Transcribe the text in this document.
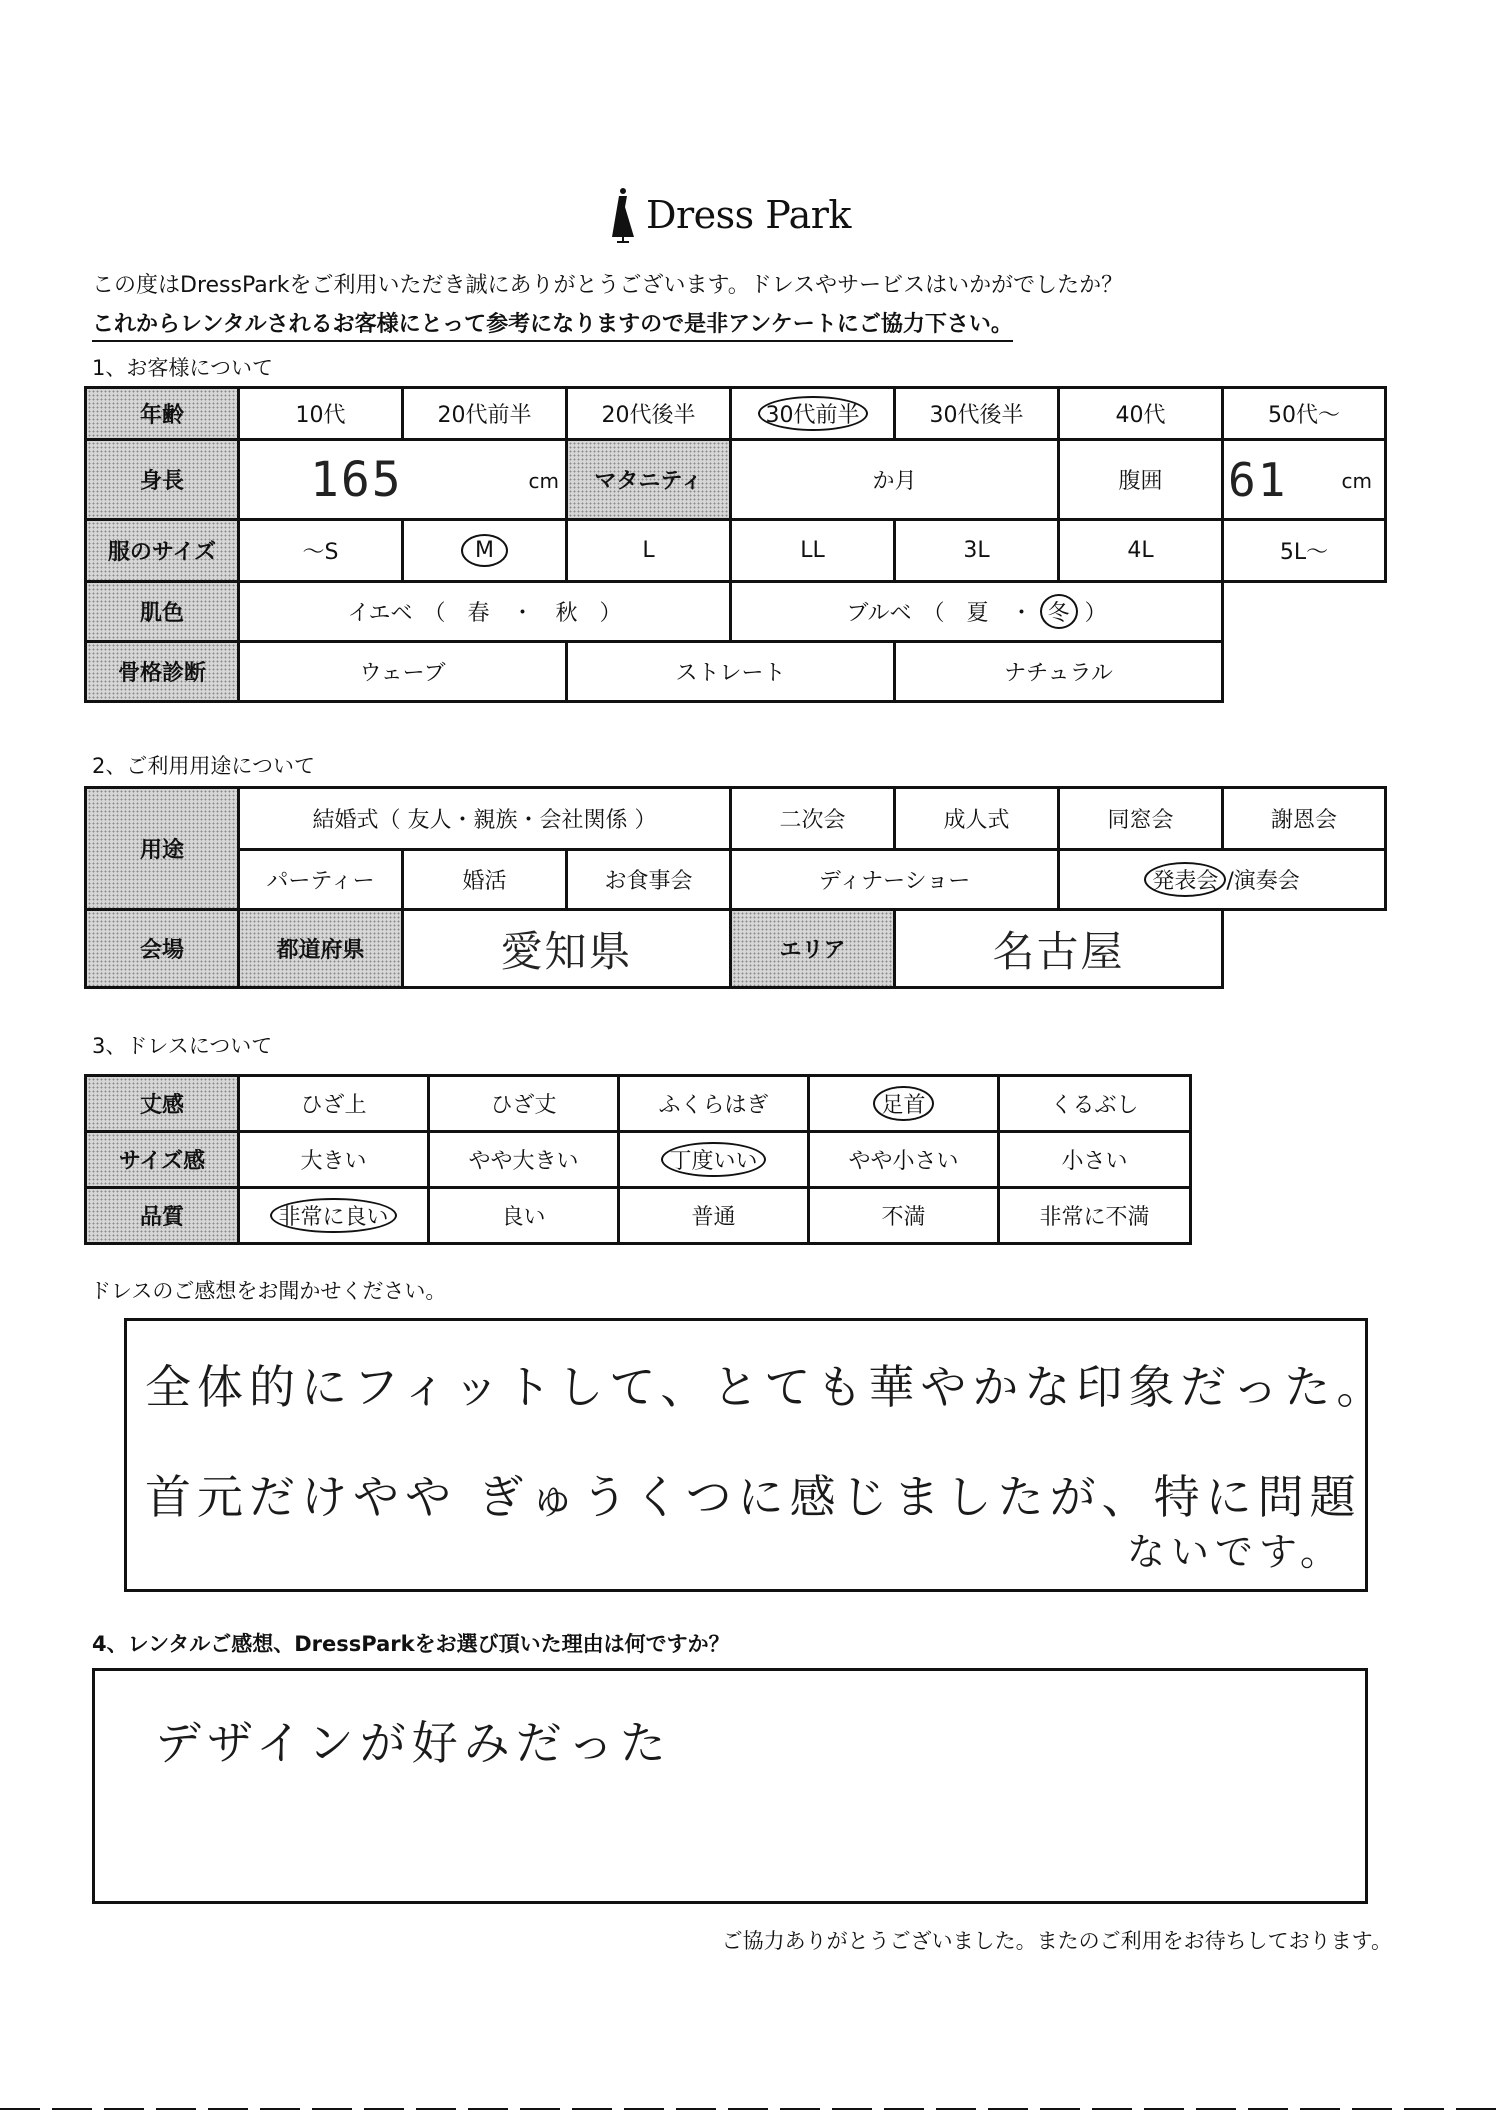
Dress Park
この度はDressParkをご利用いただき誠にありがとうございます。ドレスやサービスはいかがでしたか？
これからレンタルされるお客様にとって参考になりますので是非アンケートにご協力下さい。
1、お客様について
年齢	10代	20代前半	20代後半	30代前半	30代後半	40代	50代〜
身長	165 cm		マタニティ	か月		腹囲	61 cm

服のサイズ	〜S	M	L	LL	3L	4L	5L〜
肌色	イエベ　（　春　・　秋　）			ブルベ　（　夏　・ 冬 ）			
骨格診断	ウェーブ		ストレート		ナチュラル		
2、ご利用用途について
用途	結婚式（ 友人・親族・会社関係 ）			二次会	成人式	同窓会	謝恩会
	パーティー	婚活	お食事会	ディナーショー		発表会 /演奏会	
会場	都道府県	愛知県		エリア	名古屋		
3、ドレスについて
丈感	ひざ上	ひざ丈	ふくらはぎ	足首	くるぶし
サイズ感	大きい	やや大きい	丁度いい	やや小さい	小さい
品質	非常に良い	良い	普通	不満	非常に不満
ドレスのご感想をお聞かせください。
全体的にフィットして、とても華やかな印象だった。
首元だけやや ぎゅうくつに感じましたが、特に問題
ないです。
4、レンタルご感想、DressParkをお選び頂いた理由は何ですか？
デザインが好みだった
ご協力ありがとうございました。またのご利用をお待ちしております。
